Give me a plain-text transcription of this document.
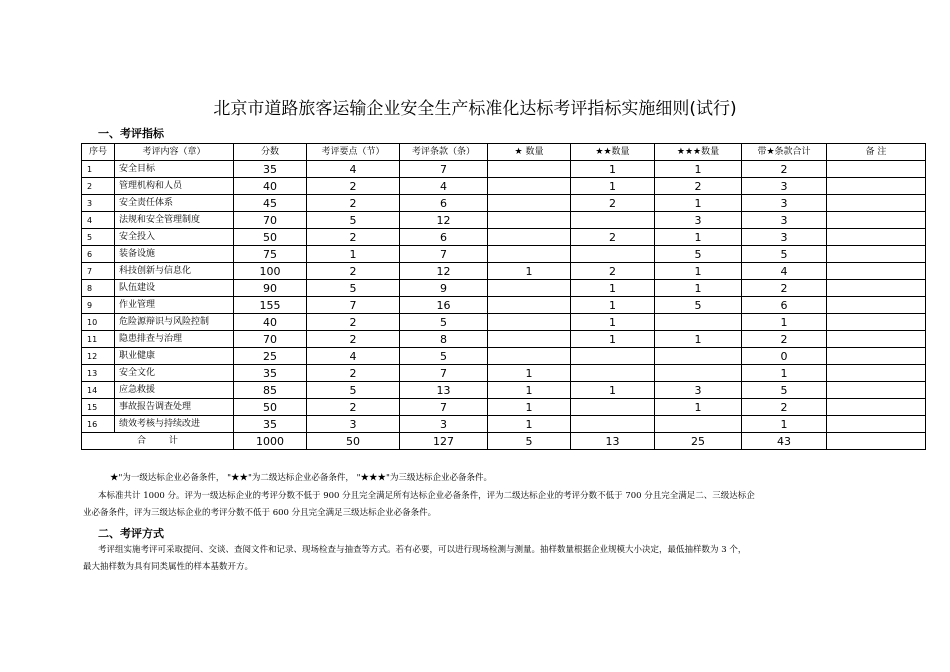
北京市道路旅客运输企业安全生产标准化达标考评指标实施细则(试行)
一、考评指标
序号	考评内容（章）	分数	考评要点（节）	考评条款（条）	★ 数量	★★数量	★★★数量	带★条款合计	备 注
1	安全目标	35	4	7		1	1	2	
2	管理机构和人员	40	2	4		1	2	3	
3	安全责任体系	45	2	6		2	1	3	
4	法规和安全管理制度	70	5	12			3	3	
5	安全投入	50	2	6		2	1	3	
6	装备设施	75	1	7			5	5	
7	科技创新与信息化	100	2	12	1	2	1	4	
8	队伍建设	90	5	9		1	1	2	
9	作业管理	155	7	16		1	5	6	
10	危险源辩识与风险控制	40	2	5		1		1	
11	隐患排查与治理	70	2	8		1	1	2	
12	职业健康	25	4	5				0	
13	安全文化	35	2	7	1			1	
14	应急救援	85	5	13	1	1	3	5	
15	事故报告调查处理	50	2	7	1		1	2	
16	绩效考核与持续改进	35	3	3	1			1	
合        计		1000	50	127	5	13	25	43	
★"为一级达标企业必备条件， "★★"为二级达标企业必备条件， "★★★"为三级达标企业必备条件。
本标准共计 1000 分。评为一级达标企业的考评分数不低于 900 分且完全满足所有达标企业必备条件，评为二级达标企业的考评分数不低于 700 分且完全满足二、三级达标企
业必备条件，评为三级达标企业的考评分数不低于 600 分且完全满足三级达标企业必备条件。
二、考评方式
考评组实施考评可采取提问、交谈、查阅文件和记录、现场检查与抽查等方式。若有必要，可以进行现场检测与测量。抽样数量根据企业规模大小决定，最低抽样数为 3 个，
最大抽样数为具有同类属性的样本基数开方。
